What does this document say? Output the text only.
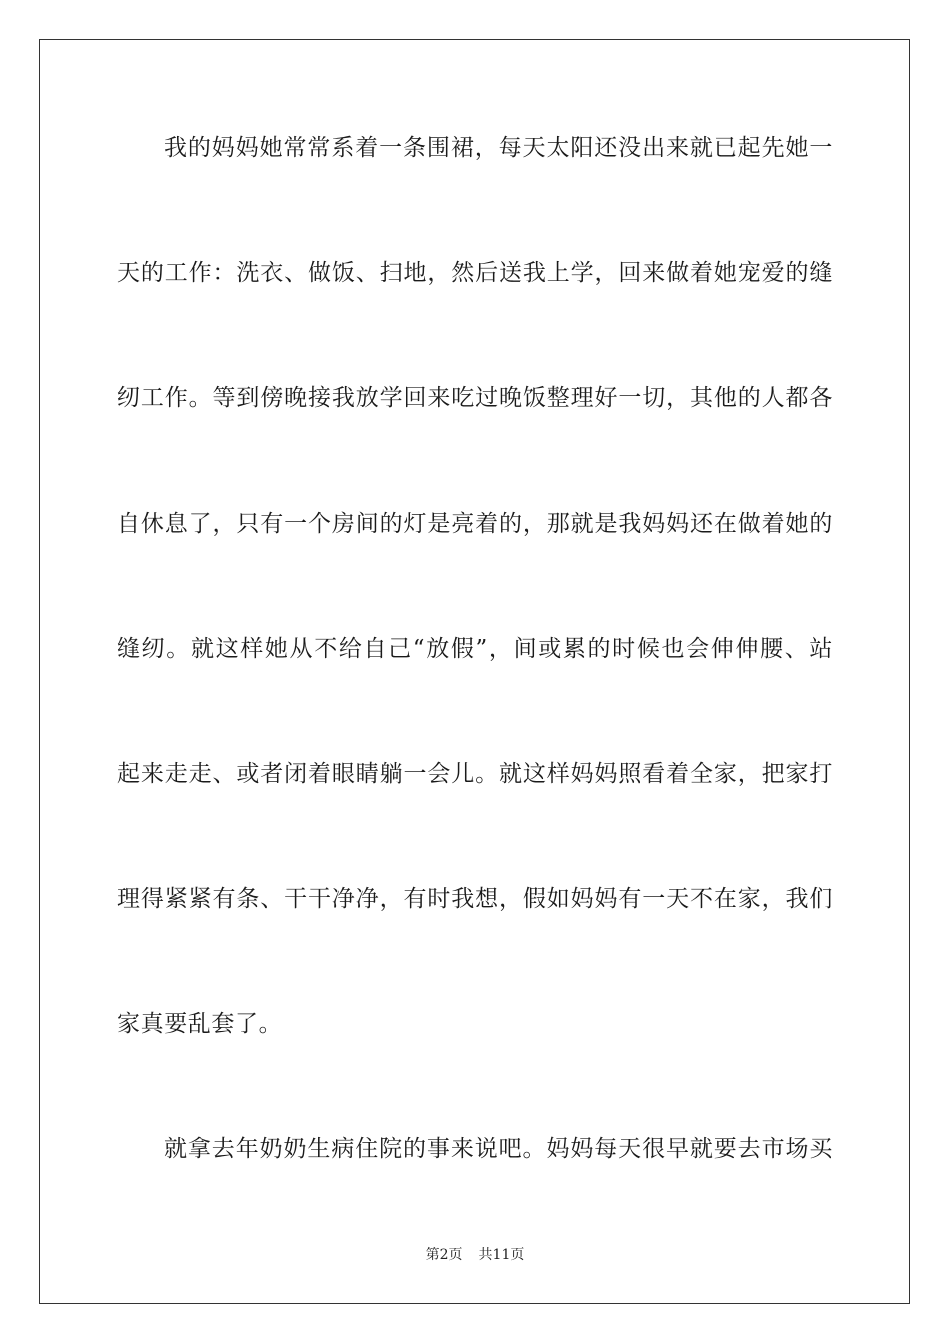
我的妈妈她常常系着一条围裙，每天太阳还没出来就已起先她一
天的工作：洗衣、做饭、扫地，然后送我上学，回来做着她宠爱的缝
纫工作。等到傍晚接我放学回来吃过晚饭整理好一切，其他的人都各
自休息了，只有一个房间的灯是亮着的，那就是我妈妈还在做着她的
缝纫。就这样她从不给自己“放假”，间或累的时候也会伸伸腰、站
起来走走、或者闭着眼睛躺一会儿。就这样妈妈照看着全家，把家打
理得紧紧有条、干干净净，有时我想，假如妈妈有一天不在家，我们
家真要乱套了。
就拿去年奶奶生病住院的事来说吧。妈妈每天很早就要去市场买
第2页 共11页
